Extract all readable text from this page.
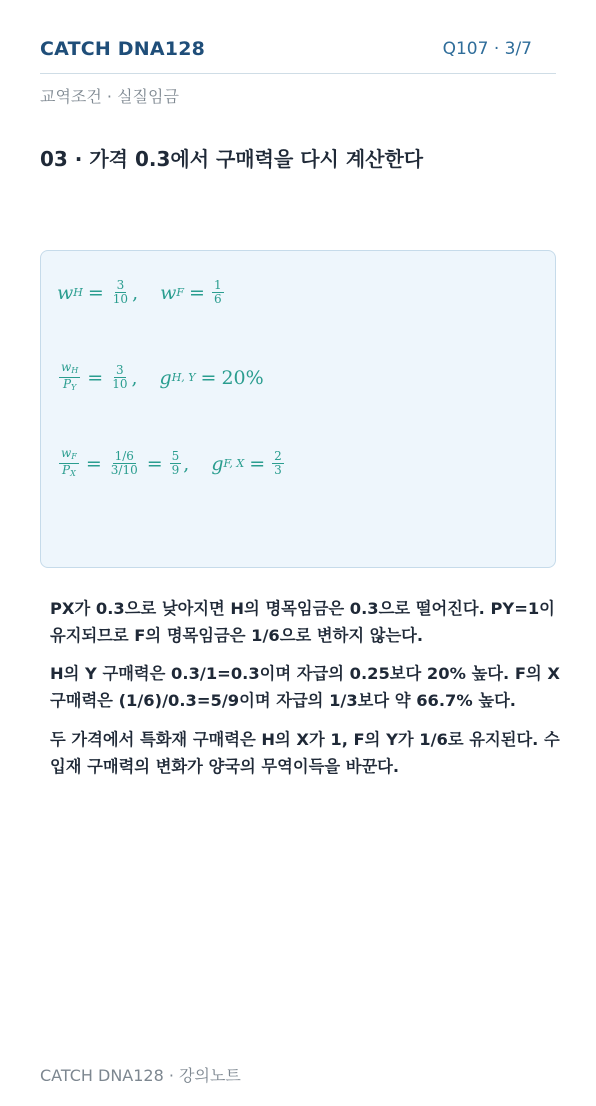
CATCH DNA128	Q107 · 3/7
교역조건 · 실질임금
03 · 가격 0.3에서 구매력을 다시 계산한다
w $H = \frac{3}{10}$ , w $F = \frac{1}{6}$
$\frac{w_H}{P_Y} = \frac{3}{10}$ , g H, Y = 20%
$\frac{w_F}{P_X} = \frac{1/6}{3/10} = \frac{5}{9}$ , g F, $X = \frac{2}{3}$
PX가 0.3으로 낮아지면 H의 명목임금은 0.3으로 떨어진다. PY=1이 유지되므로 F의 명목임금은 1/6으로 변하지 않는다.
H의 Y 구매력은 0.3/1=0.3이며 자급의 0.25보다 20% 높다. F의 X 구매력은 (1/6)/0.3=5/9이며 자급의 1/3보다 약 66.7% 높다.
두 가격에서 특화재 구매력은 H의 X가 1, F의 Y가 1/6로 유지된다. 수입재 구매력의 변화가 양국의 무역이득을 바꾼다.
CATCH DNA128 · 강의노트
